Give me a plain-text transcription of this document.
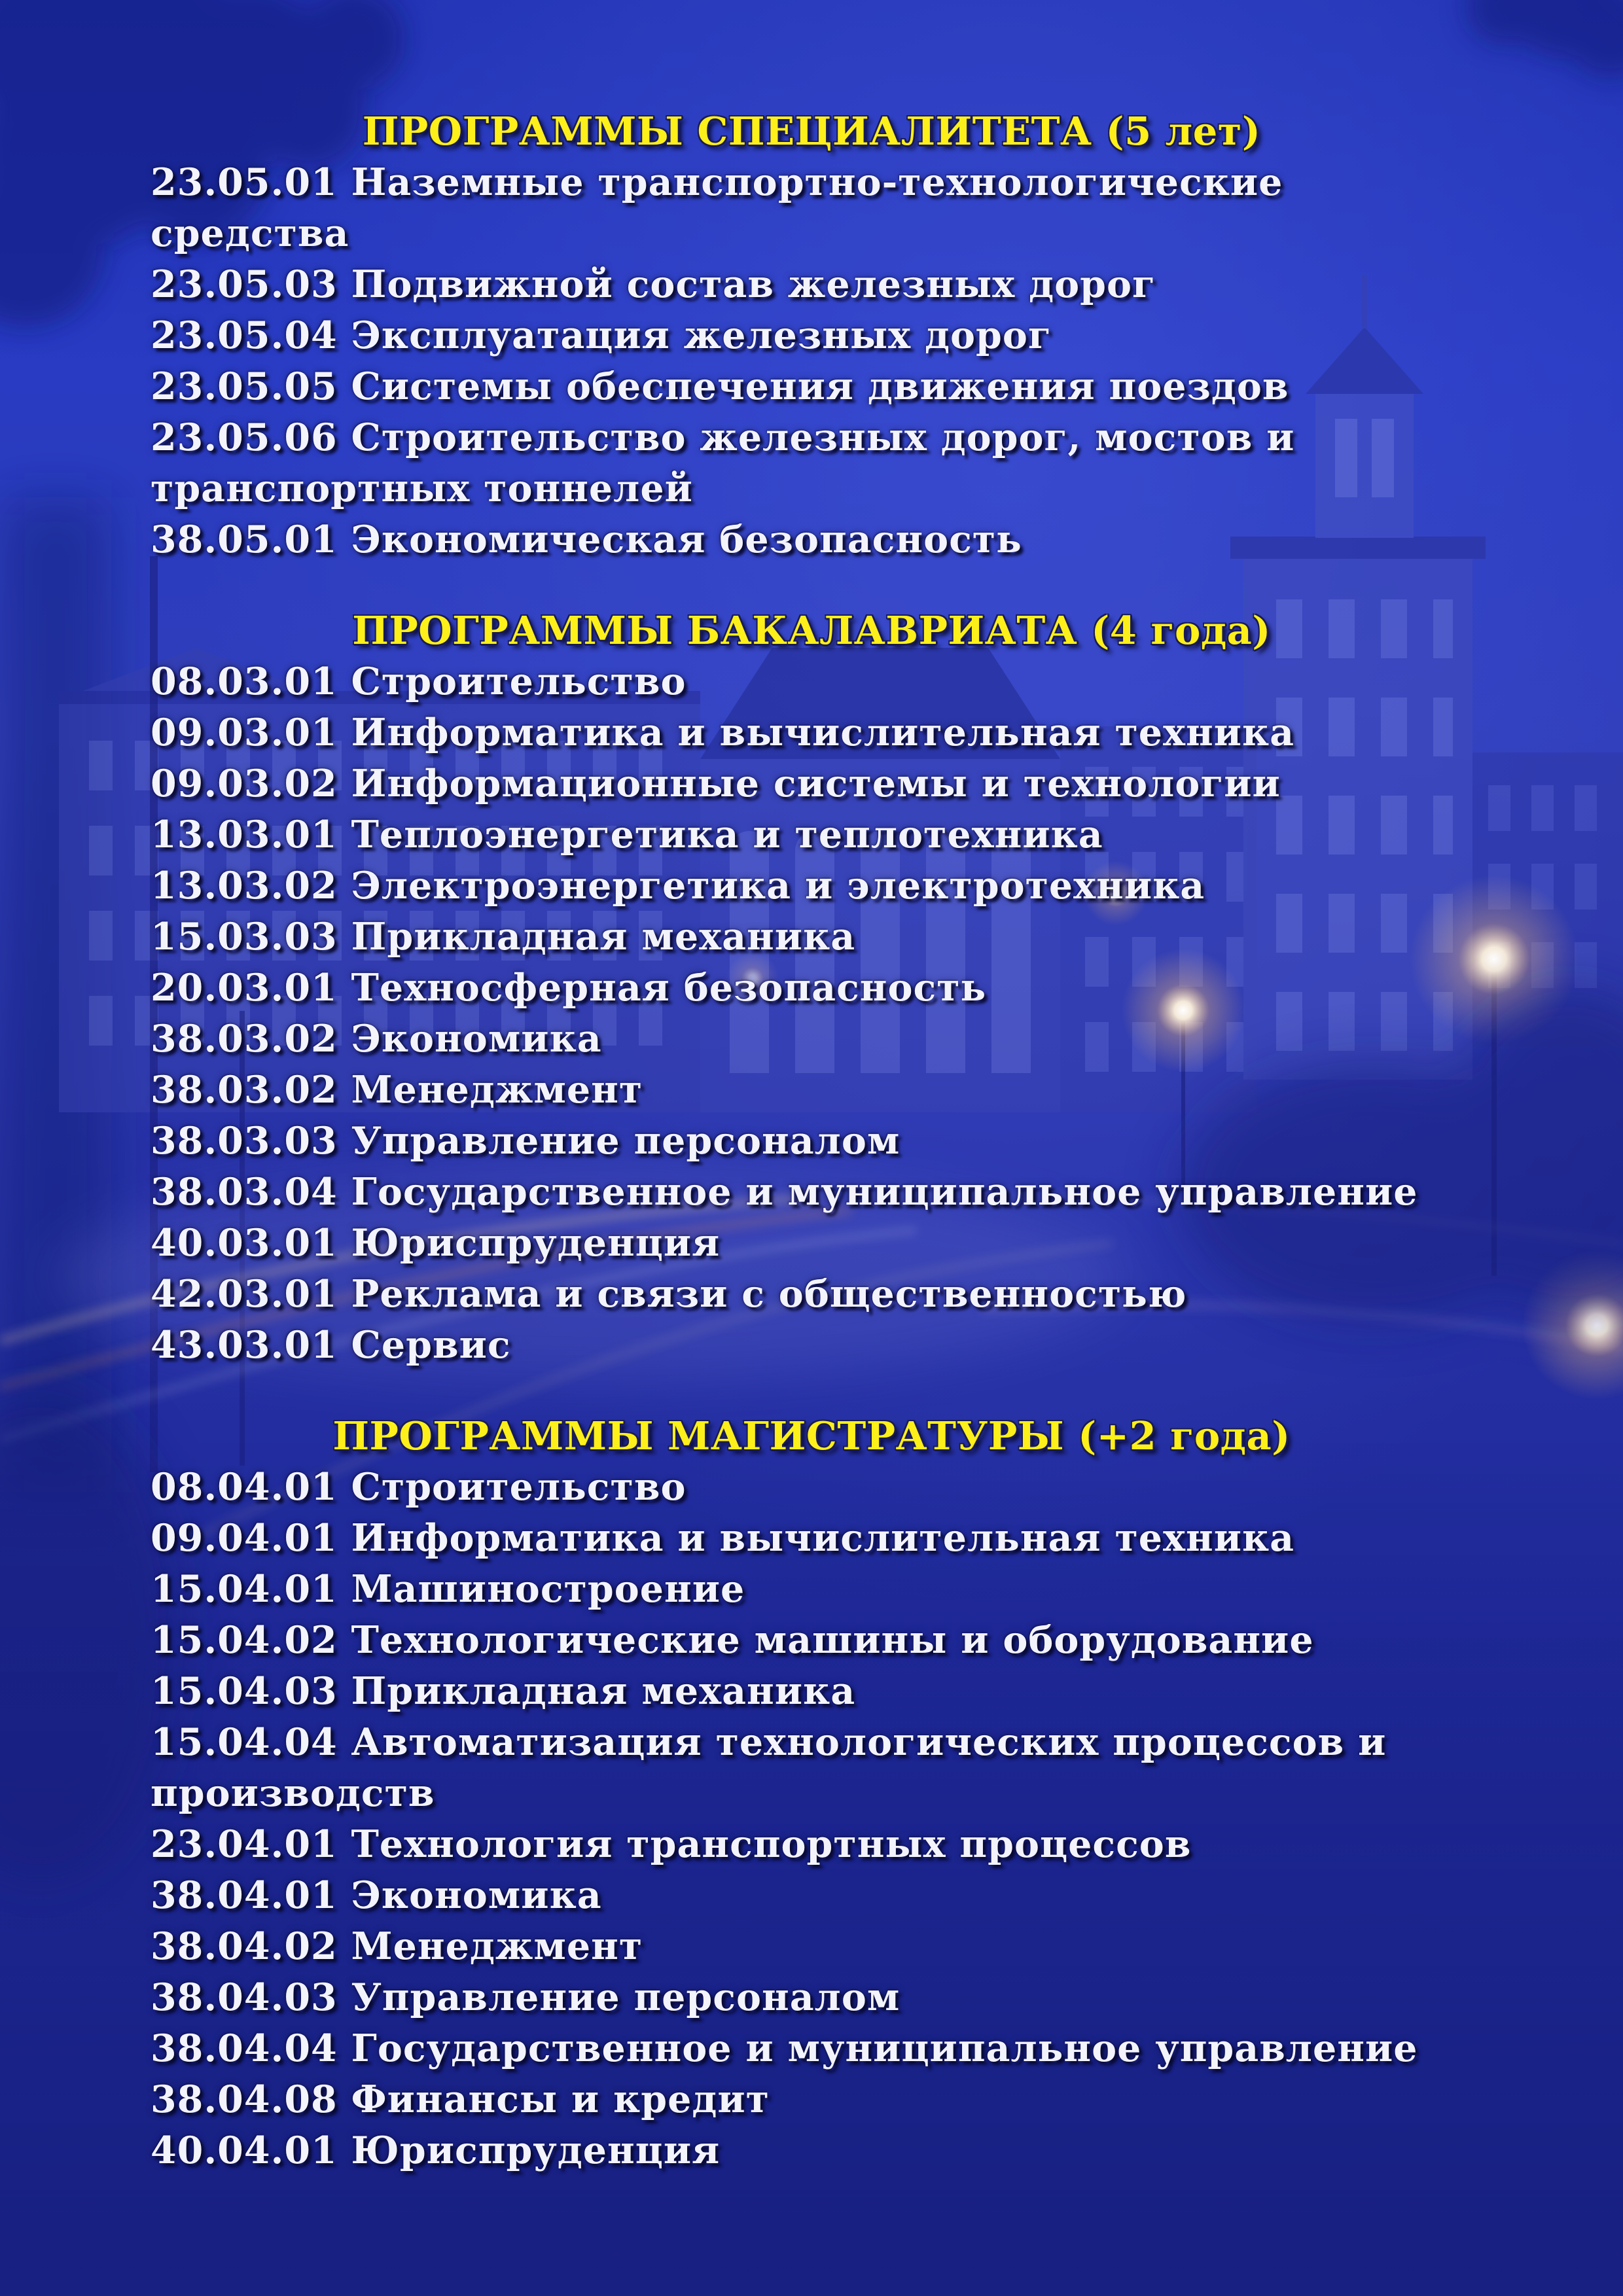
ПРОГРАММЫ СПЕЦИАЛИТЕТА (5 лет)
23.05.01 Наземные транспортно-технологические
средства
23.05.03 Подвижной состав железных дорог
23.05.04 Эксплуатация железных дорог
23.05.05 Системы обеспечения движения поездов
23.05.06 Строительство железных дорог, мостов и
транспортных тоннелей
38.05.01 Экономическая безопасность
ПРОГРАММЫ БАКАЛАВРИАТА (4 года)
08.03.01 Строительство
09.03.01 Информатика и вычислительная техника
09.03.02 Информационные системы и технологии
13.03.01 Теплоэнергетика и теплотехника
13.03.02 Электроэнергетика и электротехника
15.03.03 Прикладная механика
20.03.01 Техносферная безопасность
38.03.02 Экономика
38.03.02 Менеджмент
38.03.03 Управление персоналом
38.03.04 Государственное и муниципальное управление
40.03.01 Юриспруденция
42.03.01 Реклама и связи с общественностью
43.03.01 Сервис
ПРОГРАММЫ МАГИСТРАТУРЫ (+2 года)
08.04.01 Строительство
09.04.01 Информатика и вычислительная техника
15.04.01 Машиностроение
15.04.02 Технологические машины и оборудование
15.04.03 Прикладная механика
15.04.04 Автоматизация технологических процессов и
производств
23.04.01 Технология транспортных процессов
38.04.01 Экономика
38.04.02 Менеджмент
38.04.03 Управление персоналом
38.04.04 Государственное и муниципальное управление
38.04.08 Финансы и кредит
40.04.01 Юриспруденция
